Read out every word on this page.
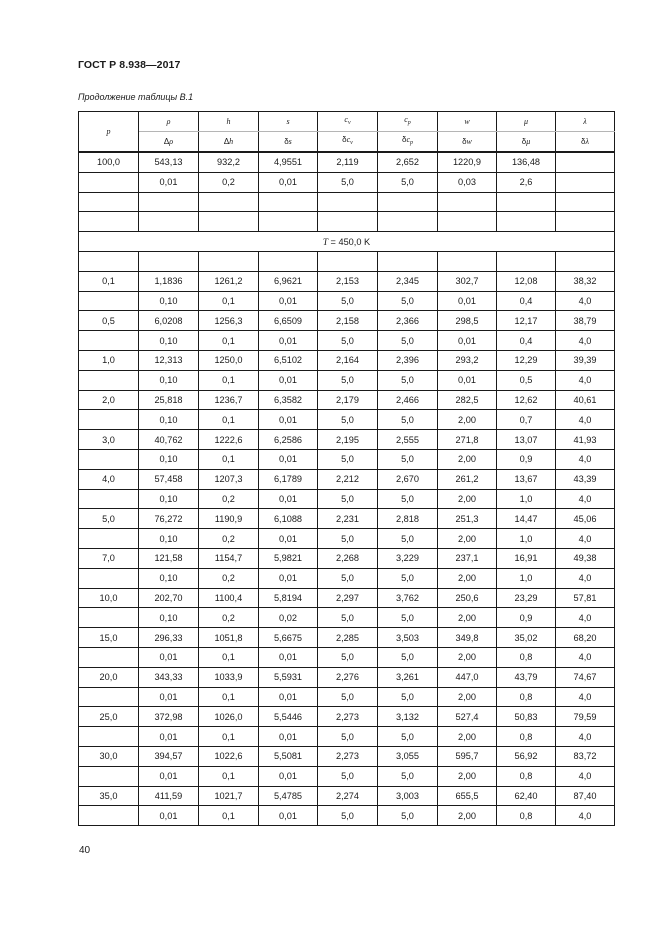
ГОСТ Р 8.938—2017
Продолжение таблицы В.1
p	ρ	h	s	$c_v$	$c_p$	w	μ	λ
	Δρ	Δh	δs	$\delta c_v$	$\delta c_p$	δw	δμ	δλ
100,0	543,13	932,2	4,9551	2,119	2,652	1220,9	136,48	
	0,01	0,2	0,01	5,0	5,0	0,03	2,6	

T = 450,0 K								

0,1	1,1836	1261,2	6,9621	2,153	2,345	302,7	12,08	38,32
	0,10	0,1	0,01	5,0	5,0	0,01	0,4	4,0
0,5	6,0208	1256,3	6,6509	2,158	2,366	298,5	12,17	38,79
	0,10	0,1	0,01	5,0	5,0	0,01	0,4	4,0
1,0	12,313	1250,0	6,5102	2,164	2,396	293,2	12,29	39,39
	0,10	0,1	0,01	5,0	5,0	0,01	0,5	4,0
2,0	25,818	1236,7	6,3582	2,179	2,466	282,5	12,62	40,61
	0,10	0,1	0,01	5,0	5,0	2,00	0,7	4,0
3,0	40,762	1222,6	6,2586	2,195	2,555	271,8	13,07	41,93
	0,10	0,1	0,01	5,0	5,0	2,00	0,9	4,0
4,0	57,458	1207,3	6,1789	2,212	2,670	261,2	13,67	43,39
	0,10	0,2	0,01	5,0	5,0	2,00	1,0	4,0
5,0	76,272	1190,9	6,1088	2,231	2,818	251,3	14,47	45,06
	0,10	0,2	0,01	5,0	5,0	2,00	1,0	4,0
7,0	121,58	1154,7	5,9821	2,268	3,229	237,1	16,91	49,38
	0,10	0,2	0,01	5,0	5,0	2,00	1,0	4,0
10,0	202,70	1100,4	5,8194	2,297	3,762	250,6	23,29	57,81
	0,10	0,2	0,02	5,0	5,0	2,00	0,9	4,0
15,0	296,33	1051,8	5,6675	2,285	3,503	349,8	35,02	68,20
	0,01	0,1	0,01	5,0	5,0	2,00	0,8	4,0
20,0	343,33	1033,9	5,5931	2,276	3,261	447,0	43,79	74,67
	0,01	0,1	0,01	5,0	5,0	2,00	0,8	4,0
25,0	372,98	1026,0	5,5446	2,273	3,132	527,4	50,83	79,59
	0,01	0,1	0,01	5,0	5,0	2,00	0,8	4,0
30,0	394,57	1022,6	5,5081	2,273	3,055	595,7	56,92	83,72
	0,01	0,1	0,01	5,0	5,0	2,00	0,8	4,0
35,0	411,59	1021,7	5,4785	2,274	3,003	655,5	62,40	87,40
	0,01	0,1	0,01	5,0	5,0	2,00	0,8	4,0
40
